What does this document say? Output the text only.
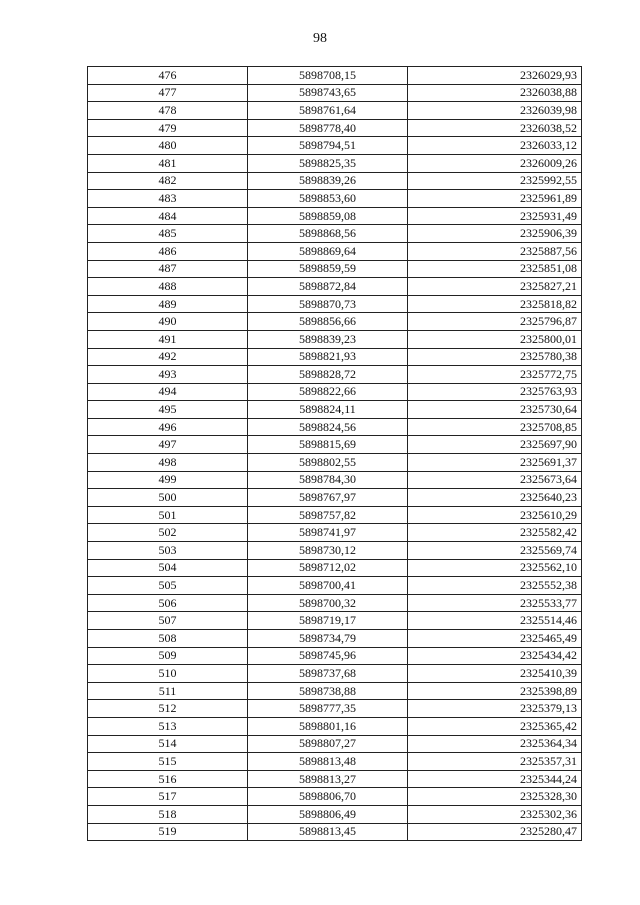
98
476	5898708,15	2326029,93
477	5898743,65	2326038,88
478	5898761,64	2326039,98
479	5898778,40	2326038,52
480	5898794,51	2326033,12
481	5898825,35	2326009,26
482	5898839,26	2325992,55
483	5898853,60	2325961,89
484	5898859,08	2325931,49
485	5898868,56	2325906,39
486	5898869,64	2325887,56
487	5898859,59	2325851,08
488	5898872,84	2325827,21
489	5898870,73	2325818,82
490	5898856,66	2325796,87
491	5898839,23	2325800,01
492	5898821,93	2325780,38
493	5898828,72	2325772,75
494	5898822,66	2325763,93
495	5898824,11	2325730,64
496	5898824,56	2325708,85
497	5898815,69	2325697,90
498	5898802,55	2325691,37
499	5898784,30	2325673,64
500	5898767,97	2325640,23
501	5898757,82	2325610,29
502	5898741,97	2325582,42
503	5898730,12	2325569,74
504	5898712,02	2325562,10
505	5898700,41	2325552,38
506	5898700,32	2325533,77
507	5898719,17	2325514,46
508	5898734,79	2325465,49
509	5898745,96	2325434,42
510	5898737,68	2325410,39
511	5898738,88	2325398,89
512	5898777,35	2325379,13
513	5898801,16	2325365,42
514	5898807,27	2325364,34
515	5898813,48	2325357,31
516	5898813,27	2325344,24
517	5898806,70	2325328,30
518	5898806,49	2325302,36
519	5898813,45	2325280,47
